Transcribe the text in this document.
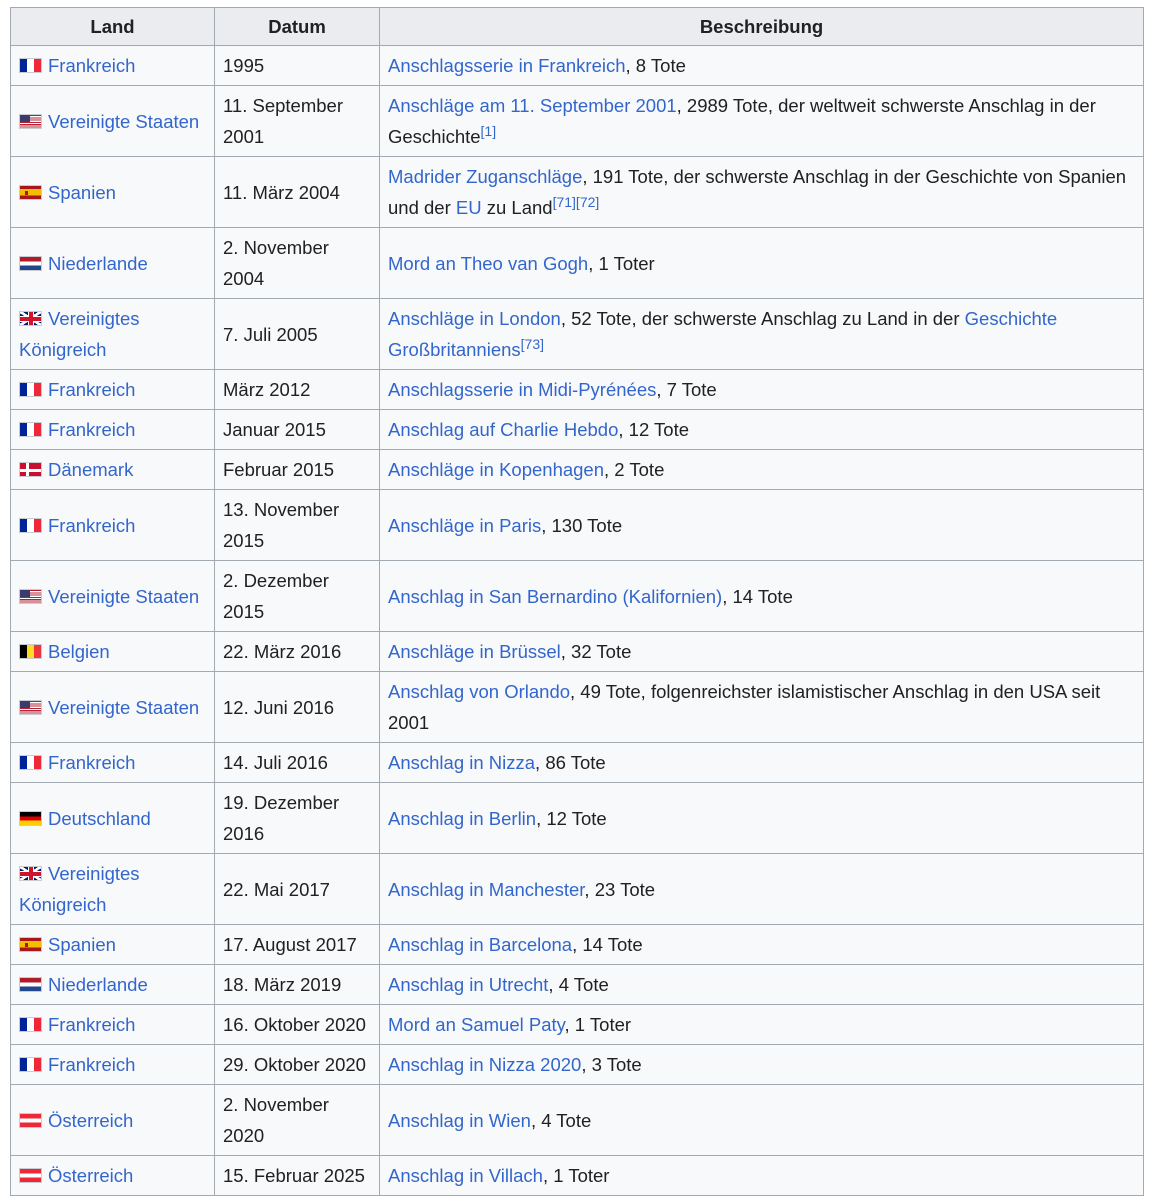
Land	Datum	Beschreibung
Frankreich	1995	Anschlagsserie in Frankreich, 8 Tote
Vereinigte Staaten	11. September 2001	Anschläge am 11. September 2001, 2989 Tote, der weltweit schwerste Anschlag in der Geschichte[1]
Spanien	11. März 2004	Madrider Zuganschläge, 191 Tote, der schwerste Anschlag in der Geschichte von Spanien und der EU zu Land[71][72]
Niederlande	2. November 2004	Mord an Theo van Gogh, 1 Toter
Vereinigtes Königreich	7. Juli 2005	Anschläge in London, 52 Tote, der schwerste Anschlag zu Land in der Geschichte Großbritanniens[73]
Frankreich	März 2012	Anschlagsserie in Midi-Pyrénées, 7 Tote
Frankreich	Januar 2015	Anschlag auf Charlie Hebdo, 12 Tote
Dänemark	Februar 2015	Anschläge in Kopenhagen, 2 Tote
Frankreich	13. November 2015	Anschläge in Paris, 130 Tote
Vereinigte Staaten	2. Dezember 2015	Anschlag in San Bernardino (Kalifornien), 14 Tote
Belgien	22. März 2016	Anschläge in Brüssel, 32 Tote
Vereinigte Staaten	12. Juni 2016	Anschlag von Orlando, 49 Tote, folgenreichster islamistischer Anschlag in den USA seit 2001
Frankreich	14. Juli 2016	Anschlag in Nizza, 86 Tote
Deutschland	19. Dezember 2016	Anschlag in Berlin, 12 Tote
Vereinigtes Königreich	22. Mai 2017	Anschlag in Manchester, 23 Tote
Spanien	17. August 2017	Anschlag in Barcelona, 14 Tote
Niederlande	18. März 2019	Anschlag in Utrecht, 4 Tote
Frankreich	16. Oktober 2020	Mord an Samuel Paty, 1 Toter
Frankreich	29. Oktober 2020	Anschlag in Nizza 2020, 3 Tote
Österreich	2. November 2020	Anschlag in Wien, 4 Tote
Österreich	15. Februar 2025	Anschlag in Villach, 1 Toter
